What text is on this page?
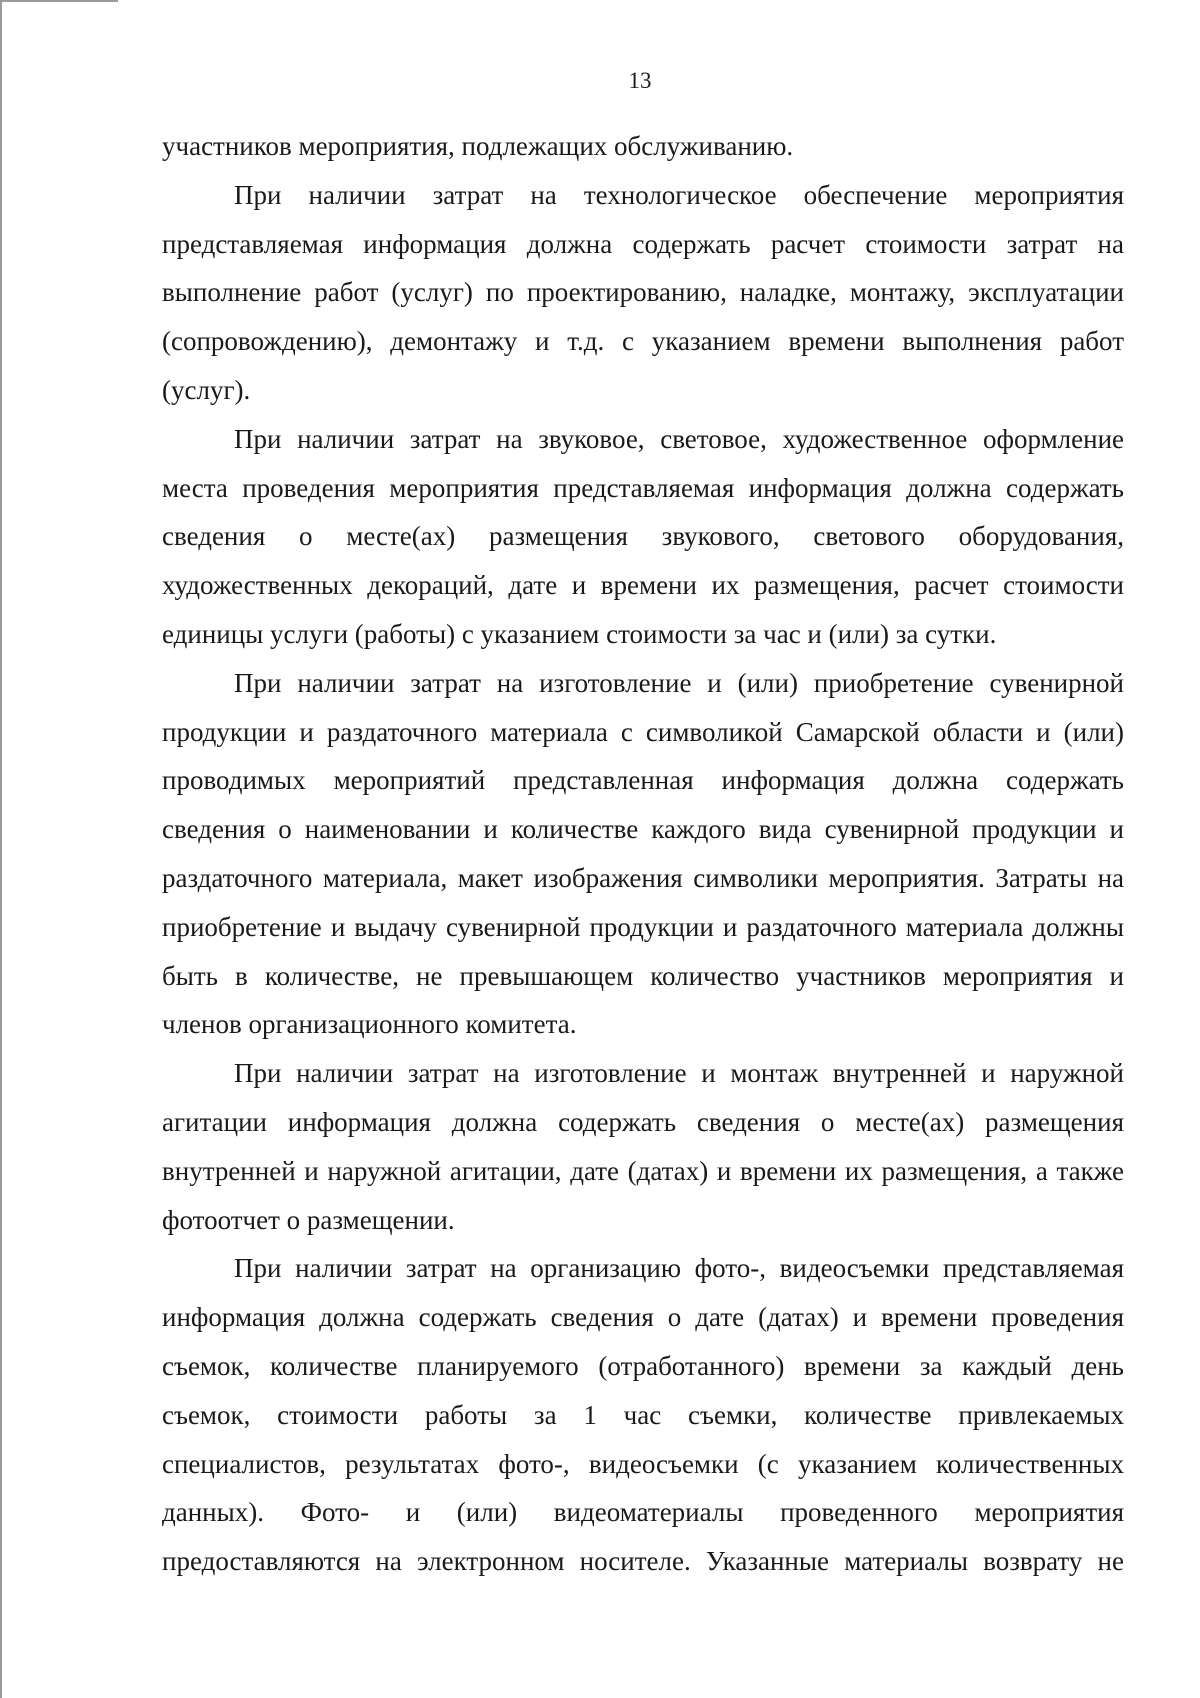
13

участников мероприятия, подлежащих обслуживанию.

При наличии затрат на технологическое обеспечение мероприятия представляемая информация должна содержать расчет стоимости затрат на выполнение работ (услуг) по проектированию, наладке, монтажу, эксплуатации (сопровождению), демонтажу и т.д. с указанием времени выполнения работ (услуг).

При наличии затрат на звуковое, световое, художественное оформление места проведения мероприятия представляемая информация должна содержать сведения о месте(ах) размещения звукового, светового оборудования, художественных декораций, дате и времени их размещения, расчет стоимости единицы услуги (работы) с указанием стоимости за час и (или) за сутки.

При наличии затрат на изготовление и (или) приобретение сувенирной продукции и раздаточного материала с символикой Самарской области и (или) проводимых мероприятий представленная информация должна содержать сведения о наименовании и количестве каждого вида сувенирной продукции и раздаточного материала, макет изображения символики мероприятия. Затраты на приобретение и выдачу сувенирной продукции и раздаточного материала должны быть в количестве, не превышающем количество участников мероприятия и членов организационного комитета.

При наличии затрат на изготовление и монтаж внутренней и наружной агитации информация должна содержать сведения о месте(ах) размещения внутренней и наружной агитации, дате (датах) и времени их размещения, а также фотоотчет о размещении.

При наличии затрат на организацию фото-, видеосъемки представляемая информация должна содержать сведения о дате (датах) и времени проведения съемок, количестве планируемого (отработанного) времени за каждый день съемок, стоимости работы за 1 час съемки, количестве привлекаемых специалистов, результатах фото-, видеосъемки (с указанием количественных данных). Фото- и (или) видеоматериалы проведенного мероприятия предоставляются на электронном носителе. Указанные материалы возврату не
